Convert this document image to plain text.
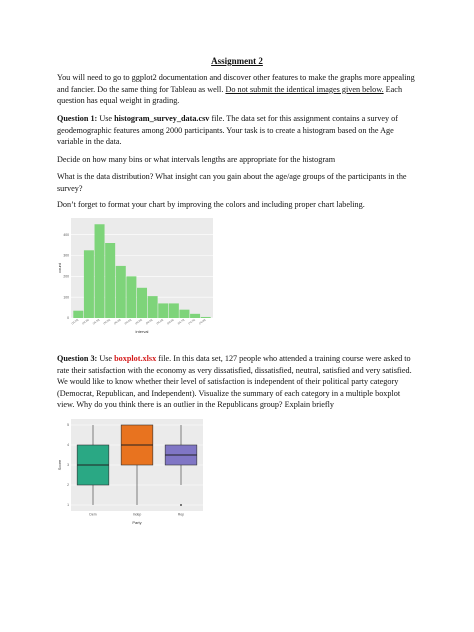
Assignment 2

You will need to go to ggplot2 documentation and discover other features to make the graphs more appealing and fancier. Do the same thing for Tableau as well. Do not submit the identical images given below. Each question has equal weight in grading.

Question 1: Use histogram_survey_data.csv file. The data set for this assignment contains a survey of geodemographic features among 2000 participants. Your task is to create a histogram based on the Age variable in the data.

Decide on how many bins or what intervals lengths are appropriate for the histogram

What is the data distribution? What insight can you gain about the age/age groups of the participants in the survey?

Don’t forget to format your chart by improving the colors and including proper chart labeling.

0
100
200
300
400
(15,20] (20,25] (25,30] (30,35] (35,40] (40,45] (45,50] (50,55] (55,60] (60,65] (65,70] (70,75] (75,80]
interval
count

Question 3: Use boxplot.xlsx file. In this data set, 127 people who attended a training course were asked to rate their satisfaction with the economy as very dissatisfied, dissatisfied, neutral, satisfied and very satisfied. We would like to know whether their level of satisfaction is independent of their political party category (Democrat, Republican, and Independent). Visualize the summary of each category in a multiple boxplot view. Why do you think there is an outlier in the Republicans group? Explain briefly

1
2
3
4
5
Dem	Indep	Rep
Party
Score
